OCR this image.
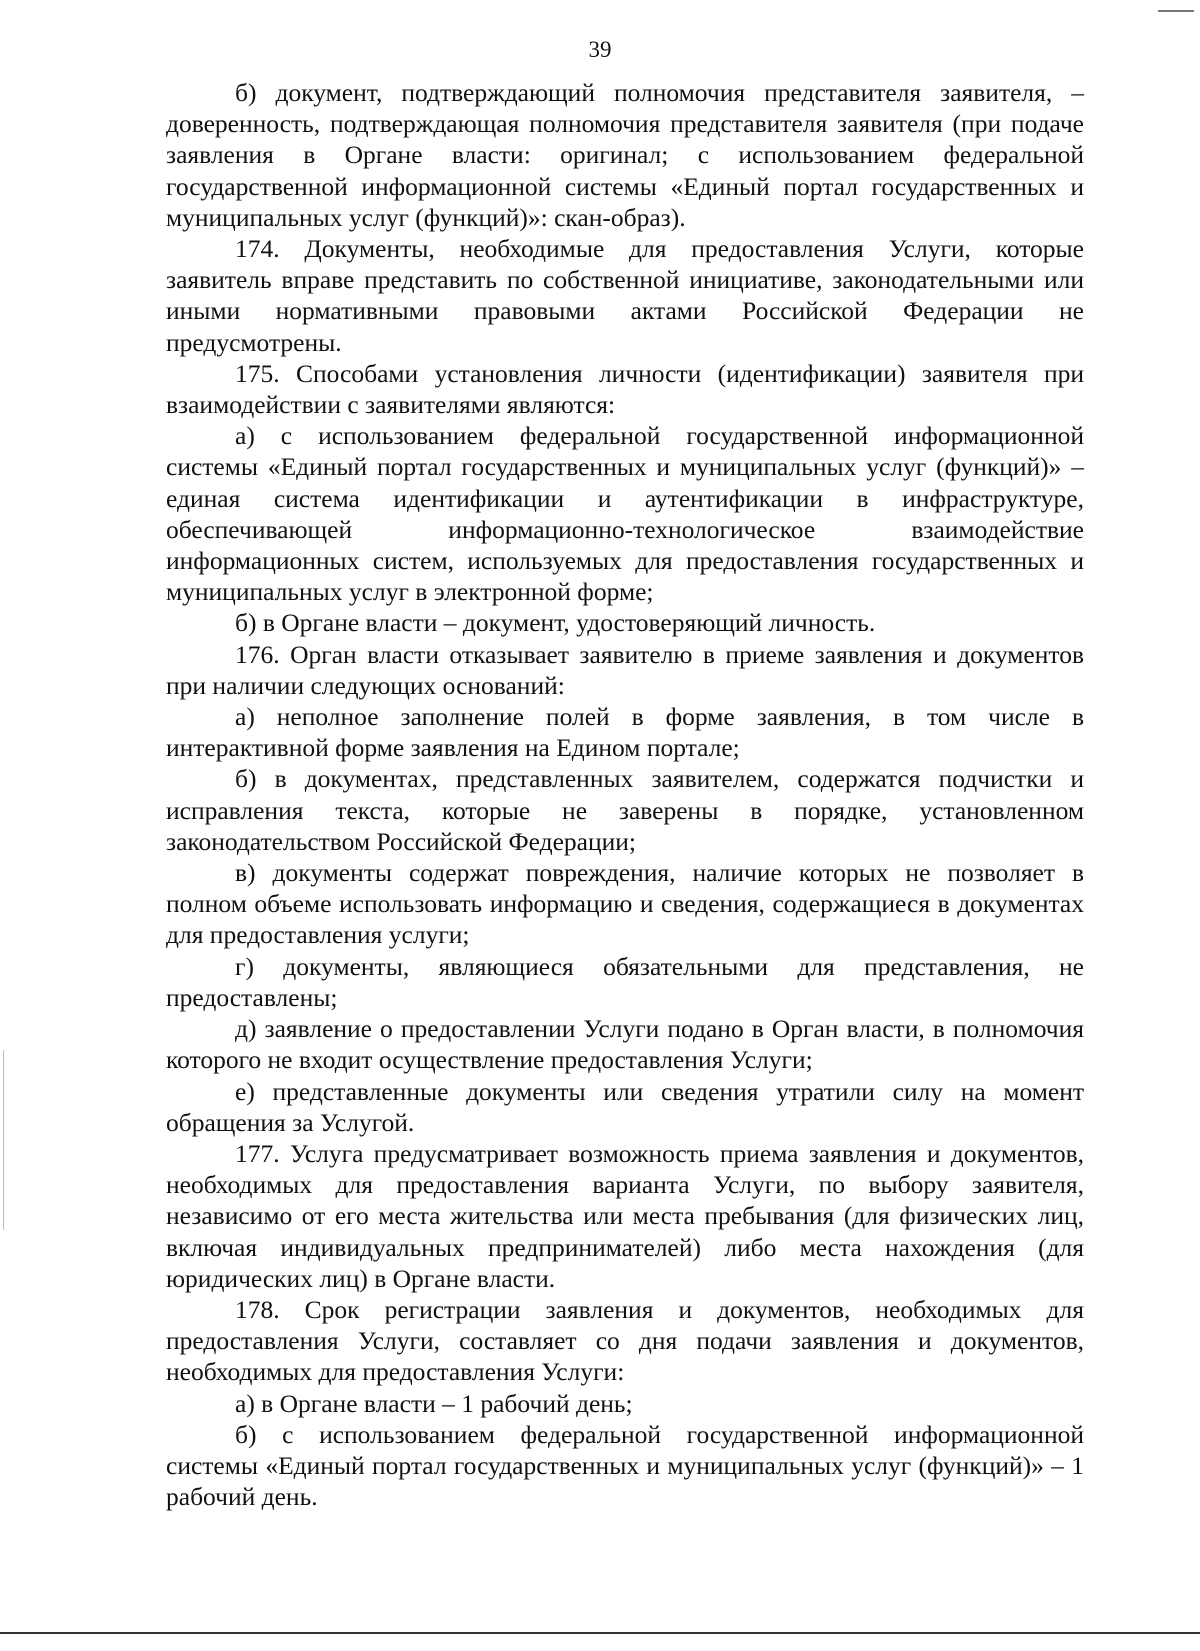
39

б) документ, подтверждающий полномочия представителя заявителя, – доверенность, подтверждающая полномочия представителя заявителя (при подаче заявления в Органе власти: оригинал; с использованием федеральной государственной информационной системы «Единый портал государственных и муниципальных услуг (функций)»: скан-образ).

174. Документы, необходимые для предоставления Услуги, которые заявитель вправе представить по собственной инициативе, законодательными или иными нормативными правовыми актами Российской Федерации не предусмотрены.

175. Способами установления личности (идентификации) заявителя при взаимодействии с заявителями являются:

а) с использованием федеральной государственной информационной системы «Единый портал государственных и муниципальных услуг (функций)» – единая система идентификации и аутентификации в инфраструктуре, обеспечивающей информационно-технологическое взаимодействие информационных систем, используемых для предоставления государственных и муниципальных услуг в электронной форме;

б) в Органе власти – документ, удостоверяющий личность.

176. Орган власти отказывает заявителю в приеме заявления и документов при наличии следующих оснований:

а) неполное заполнение полей в форме заявления, в том числе в интерактивной форме заявления на Едином портале;

б) в документах, представленных заявителем, содержатся подчистки и исправления текста, которые не заверены в порядке, установленном законодательством Российской Федерации;

в) документы содержат повреждения, наличие которых не позволяет в полном объеме использовать информацию и сведения, содержащиеся в документах для предоставления услуги;

г) документы, являющиеся обязательными для представления, не предоставлены;

д) заявление о предоставлении Услуги подано в Орган власти, в полномочия которого не входит осуществление предоставления Услуги;

е) представленные документы или сведения утратили силу на момент обращения за Услугой.

177. Услуга предусматривает возможность приема заявления и документов, необходимых для предоставления варианта Услуги, по выбору заявителя, независимо от его места жительства или места пребывания (для физических лиц, включая индивидуальных предпринимателей) либо места нахождения (для юридических лиц) в Органе власти.

178. Срок регистрации заявления и документов, необходимых для предоставления Услуги, составляет со дня подачи заявления и документов, необходимых для предоставления Услуги:

а) в Органе власти – 1 рабочий день;

б) с использованием федеральной государственной информационной системы «Единый портал государственных и муниципальных услуг (функций)» – 1 рабочий день.
